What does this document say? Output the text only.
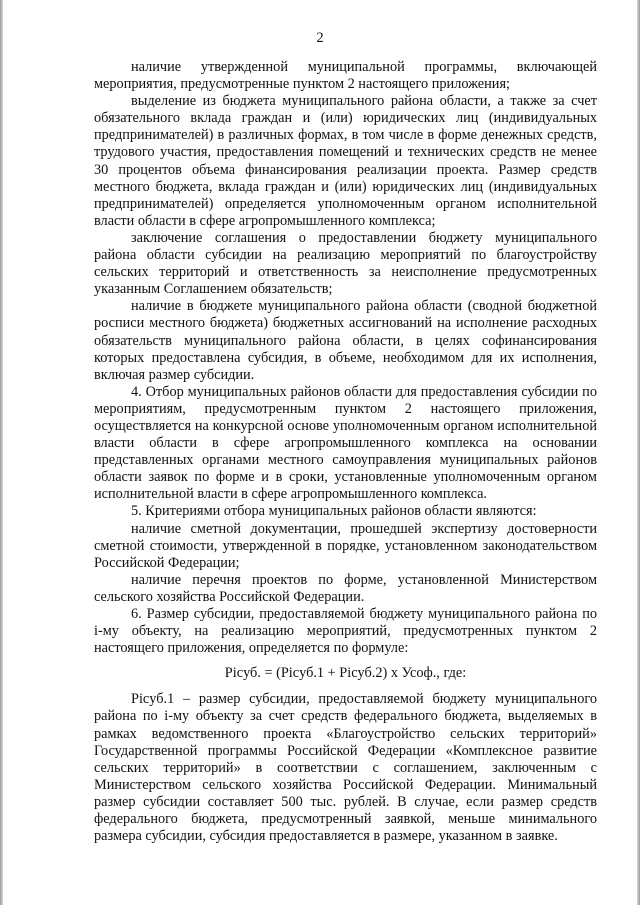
2

наличие утвержденной муниципальной программы, включающей мероприятия, предусмотренные пунктом 2 настоящего приложения;

выделение из бюджета муниципального района области, а также за счет обязательного вклада граждан и (или) юридических лиц (индивидуальных предпринимателей) в различных формах, в том числе в форме денежных средств, трудового участия, предоставления помещений и технических средств не менее 30 процентов объема финансирования реализации проекта. Размер средств местного бюджета, вклада граждан и (или) юридических лиц (индивидуальных предпринимателей) определяется уполномоченным органом исполнительной власти области в сфере агропромышленного комплекса;

заключение соглашения о предоставлении бюджету муниципального района области субсидии на реализацию мероприятий по благоустройству сельских территорий и ответственность за неисполнение предусмотренных указанным Соглашением обязательств;

наличие в бюджете муниципального района области (сводной бюджетной росписи местного бюджета) бюджетных ассигнований на исполнение расходных обязательств муниципального района области, в целях софинансирования которых предоставлена субсидия, в объеме, необходимом для их исполнения, включая размер субсидии.

4. Отбор муниципальных районов области для предоставления субсидии по мероприятиям, предусмотренным пунктом 2 настоящего приложения, осуществляется на конкурсной основе уполномоченным органом исполнительной власти области в сфере агропромышленного комплекса на основании представленных органами местного самоуправления муниципальных районов области заявок по форме и в сроки, установленные уполномоченным органом исполнительной власти в сфере агропромышленного комплекса.

5. Критериями отбора муниципальных районов области являются:

наличие сметной документации, прошедшей экспертизу достоверности сметной стоимости, утвержденной в порядке, установленном законодательством Российской Федерации;

наличие перечня проектов по форме, установленной Министерством сельского хозяйства Российской Федерации.

6. Размер субсидии, предоставляемой бюджету муниципального района по i-му объекту, на реализацию мероприятий, предусмотренных пунктом 2 настоящего приложения, определяется по формуле:

Ріcуб. = (Ріcуб.1 + Ріcуб.2) х Усоф., где:

Ріcуб.1 – размер субсидии, предоставляемой бюджету муниципального района по i-му объекту за счет средств федерального бюджета, выделяемых в рамках ведомственного проекта «Благоустройство сельских территорий» Государственной программы Российской Федерации «Комплексное развитие сельских территорий» в соответствии с соглашением, заключенным с Министерством сельского хозяйства Российской Федерации. Минимальный размер субсидии составляет 500 тыс. рублей. В случае, если размер средств федерального бюджета, предусмотренный заявкой, меньше минимального размера субсидии, субсидия предоставляется в размере, указанном в заявке.
